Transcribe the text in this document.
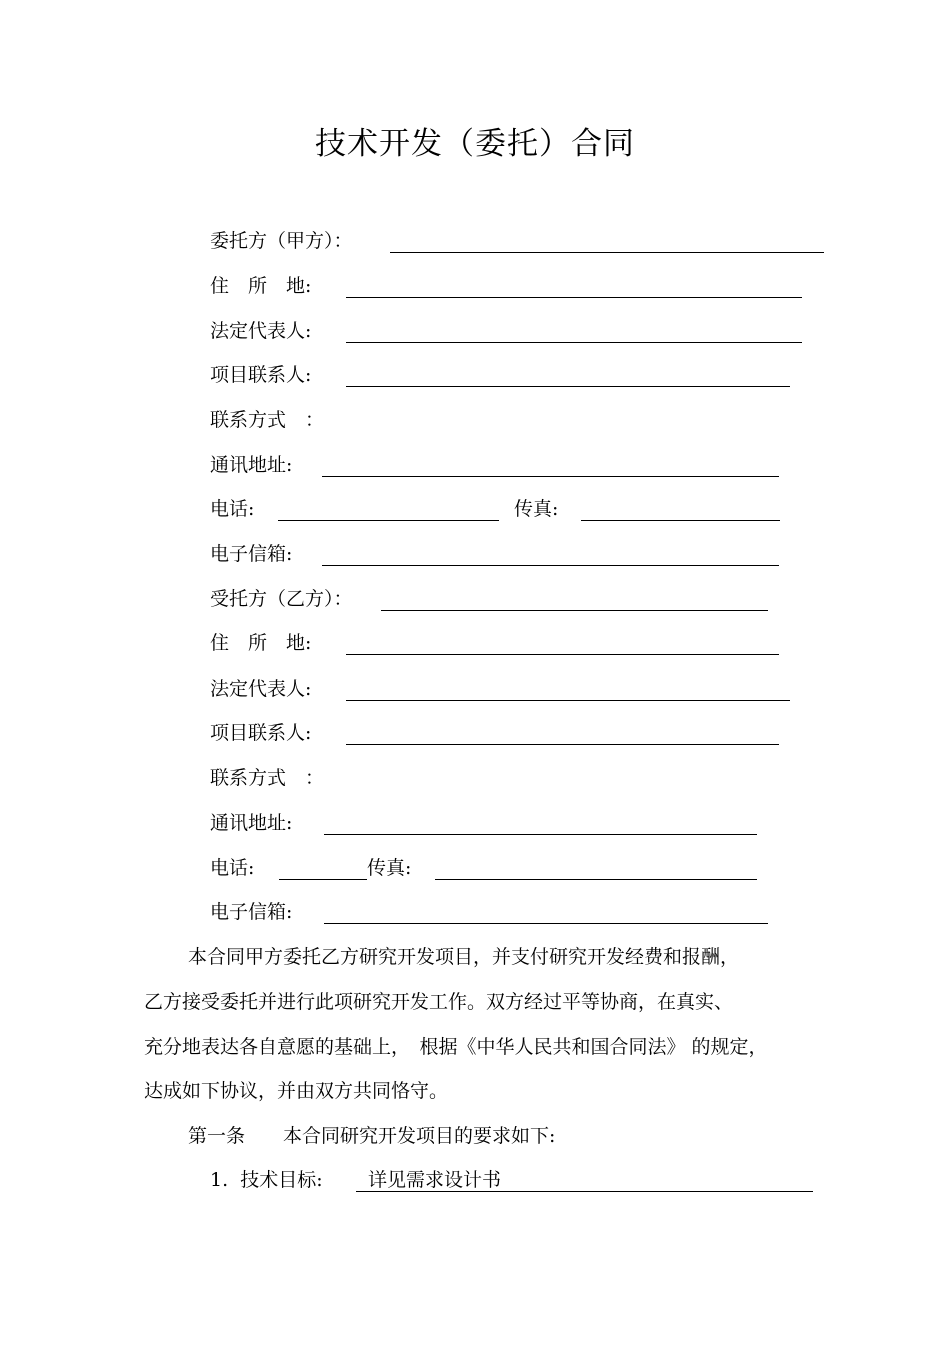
技术开发（委托）合同
委托方（甲方）：
住　所　地:
法定代表人:
项目联系人:
联系方式　：
通讯地址:
电话:	传真:
电子信箱:
受托方（乙方）：
住　所　地:
法定代表人:
项目联系人:
联系方式　：
通讯地址:
电话:	传真:
电子信箱:
本合同甲方委托乙方研究开发项目，并支付研究开发经费和报酬，
乙方接受委托并进行此项研究开发工作。双方经过平等协商，在真实、
充分地表达各自意愿的基础上，　根据《中华人民共和国合同法》 的规定，
达成如下协议，并由双方共同恪守。
第一条　　本合同研究开发项目的要求如下:
1.  技术目标: 详见需求设计书
